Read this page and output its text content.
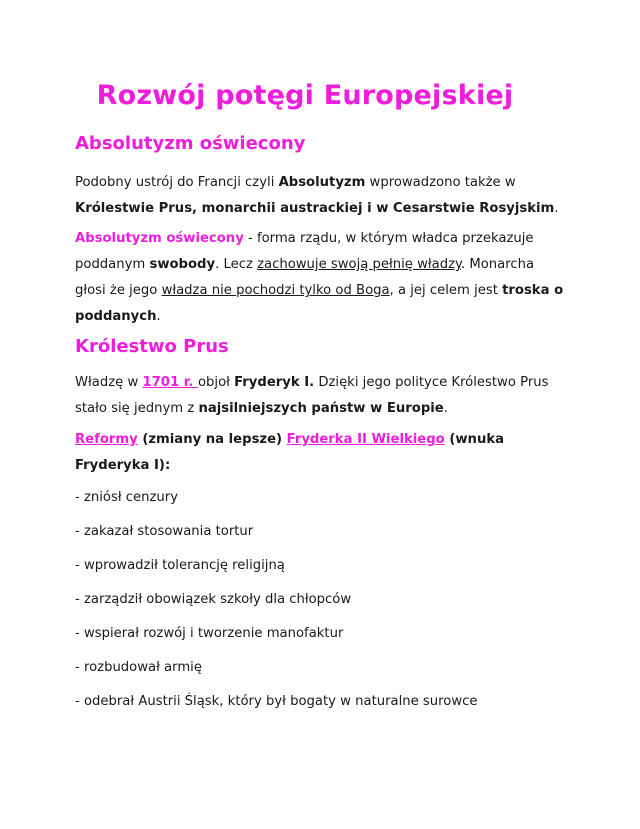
Rozwój potęgi Europejskiej
Absolutyzm oświecony

Podobny ustrój do Francji czyli Absolutyzm wprowadzono także w Królestwie Prus, monarchii austrackiej i w Cesarstwie Rosyjskim.

Absolutyzm oświecony - forma rządu, w którym władca przekazuje poddanym swobody. Lecz zachowuje swoją pełnię władzy. Monarcha głosi że jego władza nie pochodzi tylko od Boga, a jej celem jest troska o poddanych.

Królestwo Prus

Władzę w 1701 r. objoł Fryderyk I. Dzięki jego polityce Królestwo Prus stało się jednym z najsilniejszych państw w Europie.

Reformy (zmiany na lepsze) Fryderka II Wielkiego (wnuka Fryderyka I):

- zniósł cenzury

- zakazał stosowania tortur

- wprowadził tolerancję religijną

- zarządził obowiązek szkoły dla chłopców

- wspierał rozwój i tworzenie manofaktur

- rozbudował armię

- odebrał Austrii Śląsk, który był bogaty w naturalne surowce
